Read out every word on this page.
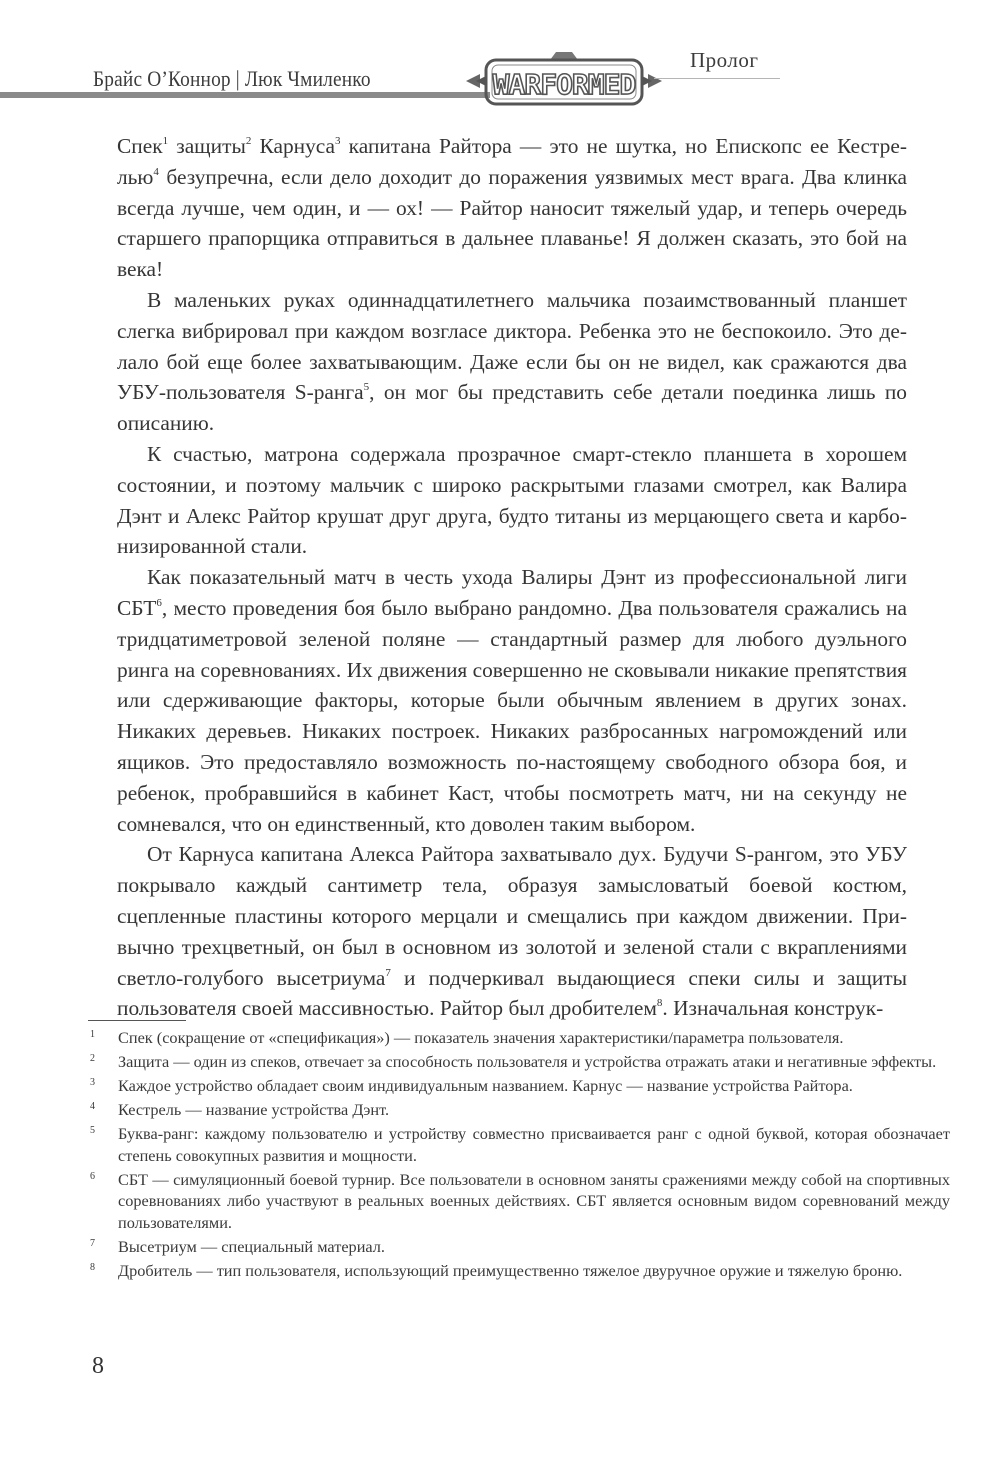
Брайс О’Коннор | Люк Чмиленко	WARFORMED
Пролог

Спек$^1$ защиты$^2$ Карнуса$^3$ капитана Райтора — это не шутка, но Епископс ее Кестрелью$^4$ безупречна, если дело доходит до поражения уязвимых мест врага. Два клинка всегда лучше, чем один, и — ох! — Райтор наносит тяжелый удар, и теперь очередь старшего прапорщика отправиться в дальнее плаванье! Я должен сказать, это бой на века!

В маленьких руках одиннадцатилетнего мальчика позаимствованный планшет слегка вибрировал при каждом возгласе диктора. Ребенка это не беспокоило. Это делало бой еще более захватывающим. Даже если бы он не видел, как сражаются два УБУ-пользователя S-ранга$^5$, он мог бы представить себе детали поединка лишь по описанию.

К счастью, матрона содержала прозрачное смарт-стекло планшета в хорошем состоянии, и поэтому мальчик с широко раскрытыми глазами смотрел, как Валира Дэнт и Алекс Райтор крушат друг друга, будто титаны из мерцающего света и карбонизированной стали.

Как показательный матч в честь ухода Валиры Дэнт из профессиональной лиги СБТ$^6$, место проведения боя было выбрано рандомно. Два пользователя сражались на тридцатиметровой зеленой поляне — стандартный размер для любого дуэльного ринга на соревнованиях. Их движения совершенно не сковывали никакие препятствия или сдерживающие факторы, которые были обычным явлением в других зонах. Никаких деревьев. Никаких построек. Никаких разбросанных нагромождений или ящиков. Это предоставляло возможность по-настоящему свободного обзора боя, и ребенок, пробравшийся в кабинет Каст, чтобы посмотреть матч, ни на секунду не сомневался, что он единственный, кто доволен таким выбором.

От Карнуса капитана Алекса Райтора захватывало дух. Будучи S-рангом, это УБУ покрывало каждый сантиметр тела, образуя замысловатый боевой костюм, сцепленные пластины которого мерцали и смещались при каждом движении. Привычно трехцветный, он был в основном из золотой и зеленой стали с вкраплениями светло-голубого высетриума$^7$ и подчеркивал выдающиеся спеки силы и защиты пользователя своей массивностью. Райтор был дробителем$^8$. Изначальная конструк-

1	Спек (сокращение от «спецификация») — показатель значения характеристики/параметра пользователя.
2	Защита — один из спеков, отвечает за способность пользователя и устройства отражать атаки и негативные эффекты.
3	Каждое устройство обладает своим индивидуальным названием. Карнус — название устройства Райтора.
4	Кестрель — название устройства Дэнт.
5	Буква-ранг: каждому пользователю и устройству совместно присваивается ранг с одной буквой, которая обозначает степень совокупных развития и мощности.
6	СБТ — симуляционный боевой турнир. Все пользователи в основном заняты сражениями между собой на спортивных соревнованиях либо участвуют в реальных военных действиях. СБТ является основным видом соревнований между пользователями.
7	Высетриум — специальный материал.
8	Дробитель — тип пользователя, использующий преимущественно тяжелое двуручное оружие и тяжелую броню.
8
